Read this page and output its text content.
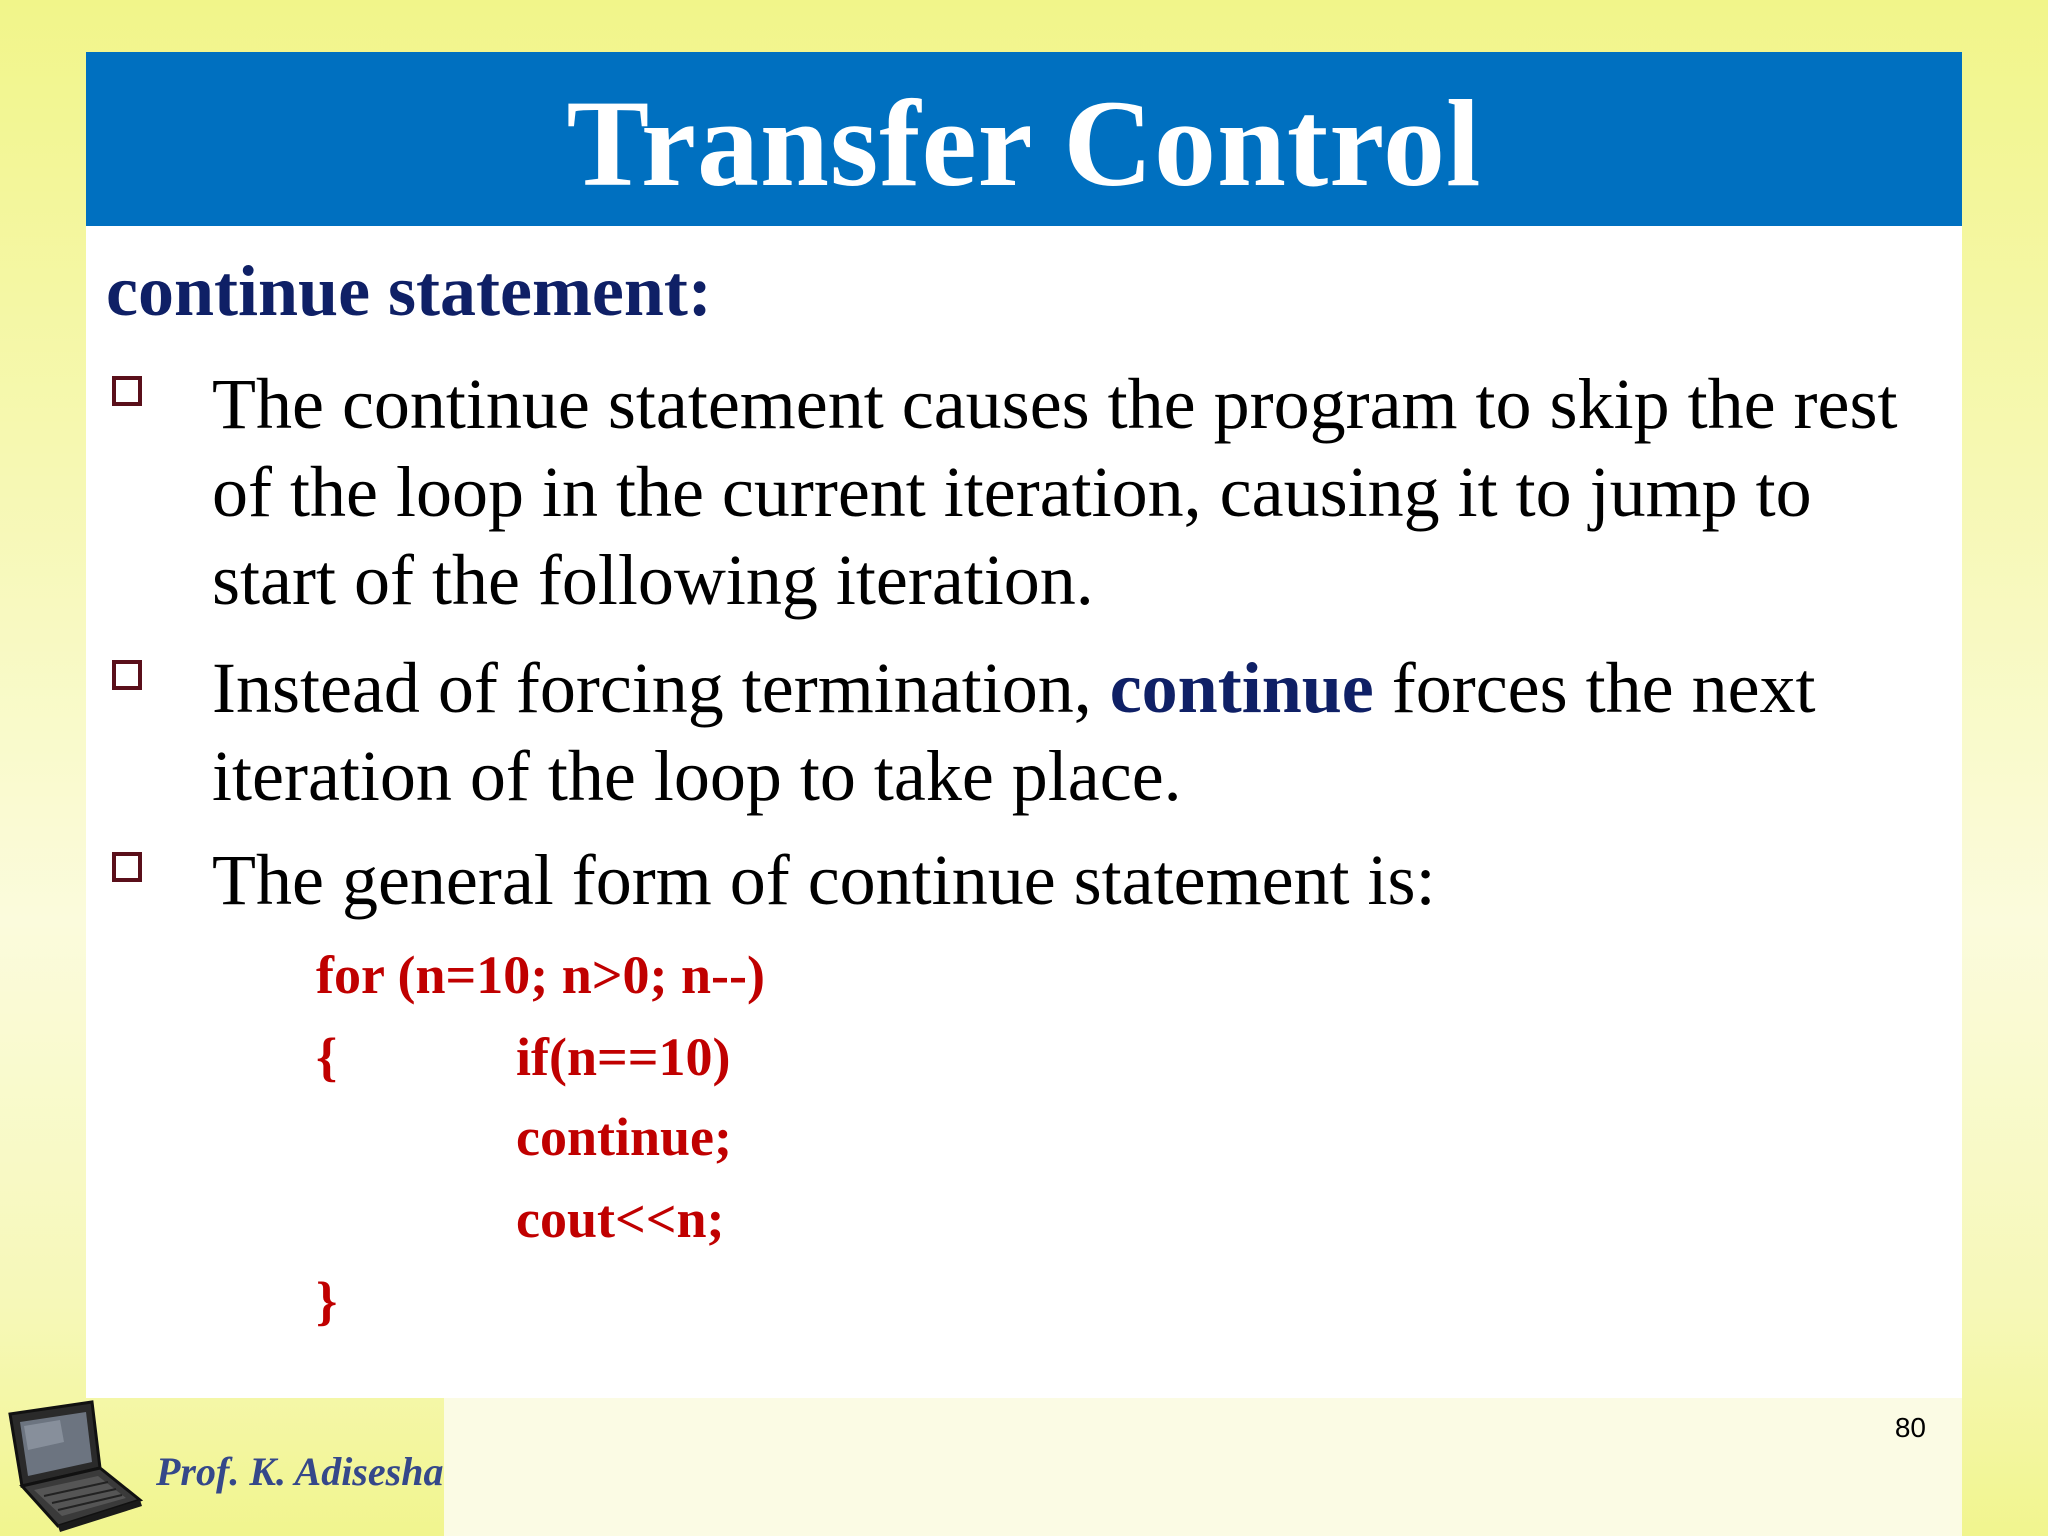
Transfer Control
continue statement:
The continue statement causes the program to skip the rest
of the loop in the current iteration, causing it to jump to
start of the following iteration.
Instead of forcing termination, continue forces the next
iteration of the loop to take place.
The general form of continue statement is:
for (n=10; n>0; n--)
{	if(n==10)
continue;
cout<<n;
}
80
Prof. K. Adisesha
